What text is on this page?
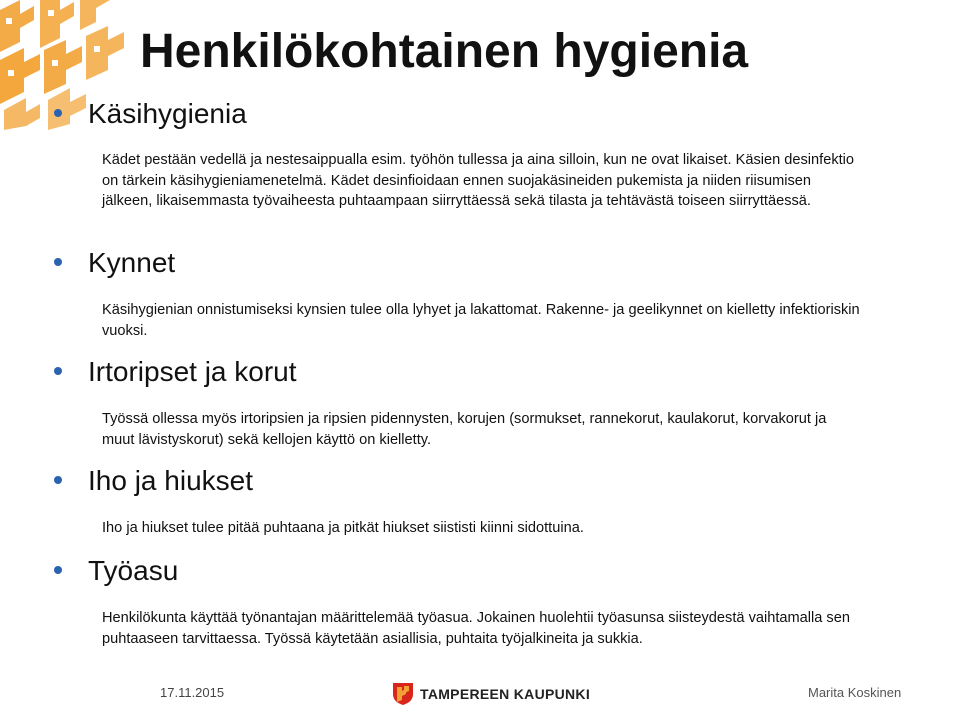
Henkilökohtainen hygienia
Käsihygienia
Kädet pestään vedellä ja nestesaippualla esim. työhön tullessa ja aina silloin, kun ne ovat likaiset. Käsien desinfektio on tärkein käsihygieniamenetelmä. Kädet desinfioidaan ennen suojakäsineiden pukemista ja niiden riisumisen jälkeen, likaisemmasta työvaiheesta puhtaampaan siirryttäessä sekä tilasta ja tehtävästä toiseen siirryttäessä.
Kynnet
Käsihygienian onnistumiseksi kynsien tulee olla lyhyet ja lakattomat. Rakenne- ja geelikynnet on kielletty infektioriskin vuoksi.
Irtoripset ja korut
Työssä ollessa myös irtoripsien ja ripsien pidennysten, korujen (sormukset, rannekorut, kaulakorut, korvakorut ja muut lävistyskorut) sekä kellojen käyttö on kielletty.
Iho ja hiukset
Iho ja hiukset tulee pitää puhtaana ja pitkät hiukset siististi kiinni sidottuina.
Työasu
Henkilökunta käyttää työnantajan määrittelemää työasua. Jokainen huolehtii työasunsa siisteydestä vaihtamalla sen puhtaaseen tarvittaessa. Työssä käytetään asiallisia, puhtaita työjalkineita ja sukkia.
17.11.2015	TAMPEREEN KAUPUNKI	Marita Koskinen
